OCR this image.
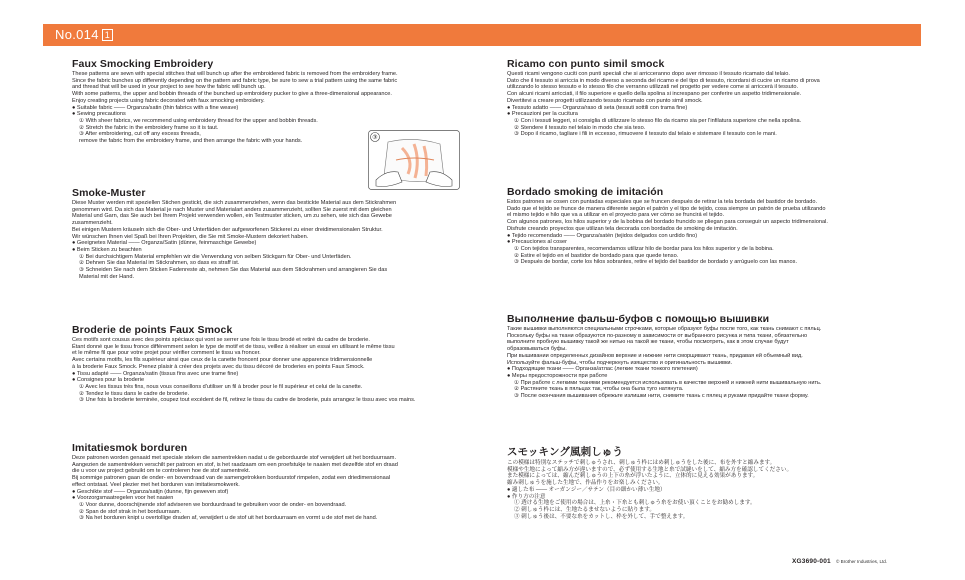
No.014 1
Faux Smocking Embroidery

These patterns are sewn with special stitches that will bunch up after the embroidered fabric is removed from the embroidery frame.

Since the fabric bunches up differently depending on the pattern and fabric type, be sure to sew a trial pattern using the same fabric

and thread that will be used in your project to see how the fabric will bunch up.

With some patterns, the upper and bobbin threads of the bunched up embroidery pucker to give a three-dimensional appearance.

Enjoy creating projects using fabric decorated with faux smocking embroidery.

● Suitable fabric —— Organza/satin (thin fabrics with a fine weave)

● Sewing precautions

① With sheer fabrics, we recommend using embroidery thread for the upper and bobbin threads.

② Stretch the fabric in the embroidery frame so it is taut.

③ After embroidering, cut off any excess threads,

remove the fabric from the embroidery frame, and then arrange the fabric with your hands.

Smoke-Muster

Diese Muster werden mit speziellen Stichen gestickt, die sich zusammenziehen, wenn das bestickte Material aus dem Stickrahmen

genommen wird. Da sich das Material je nach Muster und Materialart anders zusammenzieht, sollten Sie zuerst mit dem gleichen

Material und Garn, das Sie auch bei Ihrem Projekt verwenden wollen, ein Testmuster sticken, um zu sehen, wie sich das Gewebe

zusammenzieht.

Bei einigen Mustern kräuseln sich die Ober- und Unterfäden der aufgeworfenen Stickerei zu einer dreidimensionalen Struktur.

Wir wünschen Ihnen viel Spaß bei Ihren Projekten, die Sie mit Smoke-Mustern dekoriert haben.

● Geeignetes Material —— Organza/Satin (dünne, feinmaschige Gewebe)

● Beim Sticken zu beachten

① Bei durchsichtigem Material empfehlen wir die Verwendung von selben Stickgarn für Ober- und Unterfäden.

② Dehnen Sie das Material im Stickrahmen, so dass es straff ist.

③ Schneiden Sie nach dem Sticken Fadenreste ab, nehmen Sie das Material aus dem Stickrahmen und arrangieren Sie das

Material mit der Hand.

Broderie de points Faux Smock

Ces motifs sont cousus avec des points spéciaux qui vont se serrer une fois le tissu brodé et retiré du cadre de broderie.

Étant donné que le tissu fronce différemment selon le type de motif et de tissu, veillez à réaliser un essai en utilisant le même tissu

et le même fil que pour votre projet pour vérifier comment le tissu va froncer.

Avec certains motifs, les fils supérieur ainsi que ceux de la canette froncent pour donner une apparence tridimensionnelle

à la broderie Faux Smock. Prenez plaisir à créer des projets avec du tissu décoré de broderies en points Faux Smock.

● Tissu adapté —— Organza/satin (tissus fins avec une trame fine)

● Consignes pour la broderie

① Avec les tissus très fins, nous vous conseillons d'utiliser un fil à broder pour le fil supérieur et celui de la canette.

② Tendez le tissu dans le cadre de broderie.

③ Une fois la broderie terminée, coupez tout excédent de fil, retirez le tissu du cadre de broderie, puis arrangez le tissu avec vos mains.

Imitatiesmok borduren

Deze patronen worden genaaid met speciale steken die samentrekken nadat u de geborduurde stof verwijdert uit het borduurraam.

Aangezien de samentrekken verschilt per patroon en stof, is het raadzaam om een proefstukje te naaien met dezelfde stof en draad

die u voor uw project gebruikt om te controleren hoe de stof samentrekt.

Bij sommige patronen gaan de onder- en bovendraad van de samengetrokken borduurstof rimpelen, zodat een driedimensionaal

effect ontstaat. Veel plezier met het borduren van imitatiesmokwerk.

● Geschikte stof —— Organza/satijn (dunne, fijn geweven stof)

● Voorzorgsmaatregelen voor het naaien

① Voor dunne, doorschijnende stof adviseren we borduurdraad te gebruiken voor de onder- en bovendraad.

② Span de stof strak in het borduurraam.

③ Na het borduren knipt u overtollige draden af, verwijdert u de stof uit het borduurraam en vormt u de stof met de hand.

③
Ricamo con punto simil smock

Questi ricami vengono cuciti con punti speciali che si arricceranno dopo aver rimosso il tessuto ricamato dal telaio.

Dato che il tessuto si arriccia in modo diverso a seconda del ricamo e del tipo di tessuto, ricordarsi di cucire un ricamo di prova

utilizzando lo stesso tessuto e lo stesso filo che verranno utilizzati nel progetto per vedere come si arriccerà il tessuto.

Con alcuni ricami arricciati, il filo superiore e quello della spolina si increspano per conferire un aspetto tridimensionale.

Divertitevi a creare progetti utilizzando tessuto ricamato con punto simil smock.

● Tessuto adatto —— Organza/raso di seta (tessuti sottili con trama fine)

● Precauzioni per la cucitura

① Con i tessuti leggeri, si consiglia di utilizzare lo stesso filo da ricamo sia per l'infilatura superiore che nella spolina.

② Stendere il tessuto nel telaio in modo che sia teso.

③ Dopo il ricamo, tagliare i fili in eccesso, rimuovere il tessuto dal telaio e sistemare il tessuto con le mani.

Bordado smoking de imitación

Estos patrones se cosen con puntadas especiales que se fruncen después de retirar la tela bordada del bastidor de bordado.

Dado que el tejido se frunce de manera diferente según el patrón y el tipo de tejido, cosa siempre un patrón de prueba utilizando

el mismo tejido e hilo que va a utilizar en el proyecto para ver cómo se fruncirá el tejido.

Con algunos patrones, los hilos superior y de la bobina del bordado fruncido se pliegan para conseguir un aspecto tridimensional.

Disfrute creando proyectos que utilizan tela decorada con bordados de smoking de imitación.

● Tejido recomendado —— Organza/satén (tejidos delgados con urdido fino)

● Precauciones al coser

① Con tejidos transparentes, recomendamos utilizar hilo de bordar para los hilos superior y de la bobina.

② Estire el tejido en el bastidor de bordado para que quede tenso.

③ Después de bordar, corte los hilos sobrantes, retire el tejido del bastidor de bordado y arrúguelo con las manos.

Выполнение фальш-буфов с помощью вышивки

Такие вышивки выполняются специальными строчками, которые образуют буфы после того, как ткань снимают с пяльц.

Поскольку буфы на ткани образуются по-разному в зависимости от выбранного рисунка и типа ткани, обязательно

выполните пробную вышивку такой же нитью на такой же ткани, чтобы посмотреть, как в этом случае будут

образовываться буфы.

При вышивании определенных дизайнов верхние и нижние нити сморщивают ткань, придавая ей объемный вид.

Используйте фальш-буфы, чтобы подчеркнуть изящество и оригинальность вышивки.

● Подходящие ткани —— Органза/атлас (легкие ткани тонкого плетения)

● Меры предосторожности при работе

① При работе с легкими тканями рекомендуется использовать в качестве верхней и нижней нити вышивальную нить.

② Растяните ткань в пяльцах так, чтобы она была туго натянута.

③ После окончания вышивания обрежьте излишки нити, снимите ткань с пялец и руками придайте ткани форму.

スモッキング風刺しゅう

この模様は特別なステッチで刺しゅうされ、刺しゅう枠にはめ刺しゅうをした後に、布を外すと縮みます。

模様や生地によって縮み方が違いますので、必ず使用する生地と糸で試縫いをして、縮み方を確認してください。

また模様によっては、縮んだ刺しゅうの上下の糸が浮いたように、立体的に見える効果があります。

縮み刺しゅうを施した生地で、作品作りをお楽しみください。

● 適した布 —— オーガンジー／サテン（目の細かい薄い生地）

● 作り方の注意

① 透ける生地をご使用の場合は、上糸・下糸とも刺しゅう糸をお使い頂くことをお勧めします。

② 刺しゅう枠には、生地たるませないように貼ります。

③ 刺しゅう後は、不要な糸をカットし、枠を外して、手で整えます。

XG3690-001 © Brother Industries, Ltd.
